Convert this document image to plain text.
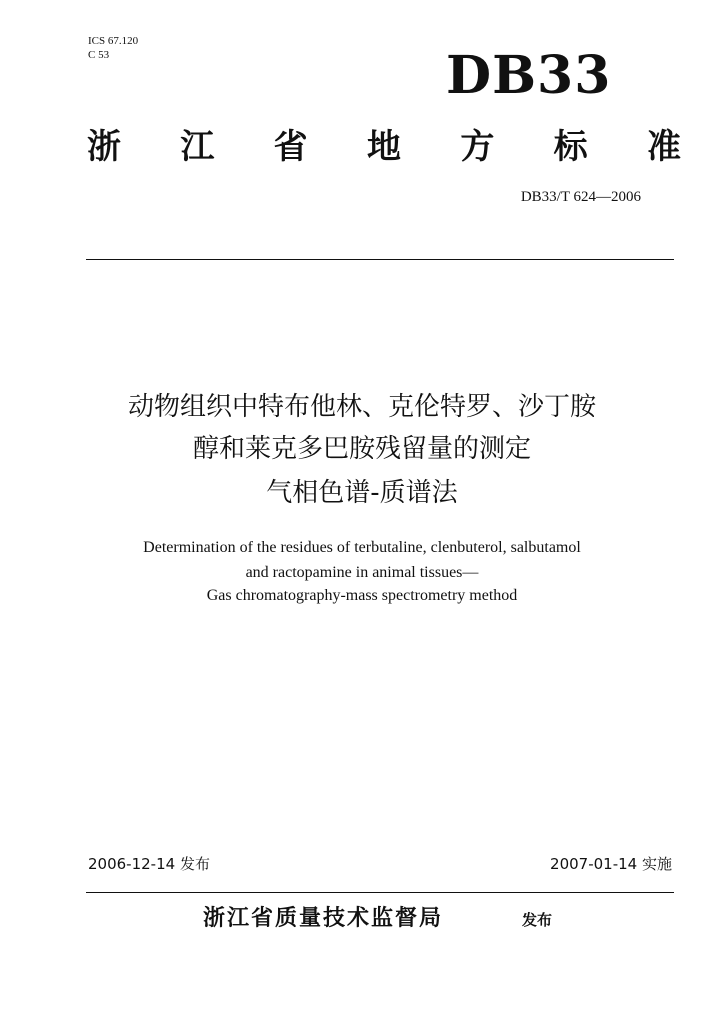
ICS 67.120
C 53	DB33
浙 江 省 地 方 标 准
DB33/T 624—2006
动物组织中特布他林、克伦特罗、沙丁胺
醇和莱克多巴胺残留量的测定
气相色谱-质谱法
Determination of the residues of terbutaline, clenbuterol, salbutamol
and ractopamine in animal tissues—
Gas chromatography-mass spectrometry method
2006-12-14 发布	2007-01-14 实施
浙江省质量技术监督局	发布
